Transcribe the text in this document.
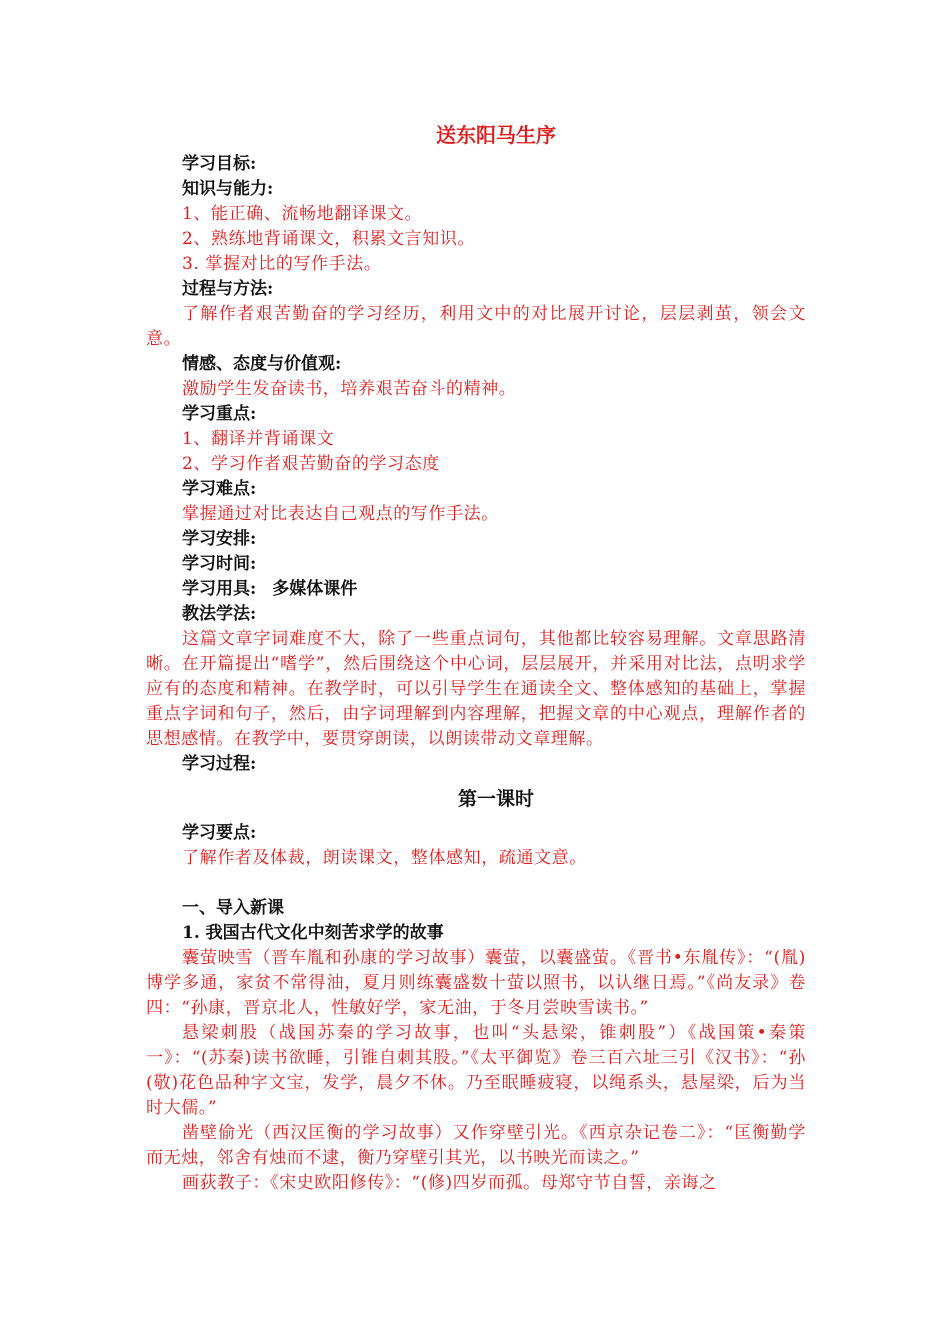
送东阳马生序
学习目标:
知识与能力:
1、能正确、流畅地翻译课文。
2、熟练地背诵课文，积累文言知识。
3. 掌握对比的写作手法。
过程与方法:
了解作者艰苦勤奋的学习经历，利用文中的对比展开讨论，层层剥茧，领会文意。
情感、态度与价值观:
激励学生发奋读书，培养艰苦奋斗的精神。
学习重点:
1、翻译并背诵课文
2、学习作者艰苦勤奋的学习态度
学习难点:
掌握通过对比表达自己观点的写作手法。
学习安排:
学习时间:
学习用具: 多媒体课件
教法学法:
这篇文章字词难度不大，除了一些重点词句，其他都比较容易理解。文章思路清晰。在开篇提出“嗜学”，然后围绕这个中心词，层层展开，并采用对比法，点明求学应有的态度和精神。在教学时，可以引导学生在通读全文、整体感知的基础上，掌握重点字词和句子，然后，由字词理解到内容理解，把握文章的中心观点，理解作者的思想感情。在教学中，要贯穿朗读，以朗读带动文章理解。
学习过程:
第一课时
学习要点:
了解作者及体裁，朗读课文，整体感知，疏通文意。
一、导入新课
1. 我国古代文化中刻苦求学的故事
囊萤映雪（晋车胤和孙康的学习故事）囊萤，以囊盛萤。《晋书•东胤传》：“(胤)博学多通，家贫不常得油，夏月则练囊盛数十萤以照书，以认继日焉。”《尚友录》卷四：“孙康，晋京北人，性敏好学，家无油，于冬月尝映雪读书。”
悬梁刺股（战国苏秦的学习故事，也叫“头悬梁，锥刺股”）《战国策•秦策一》：“(苏秦)读书欲睡，引锥自刺其股。”《太平御览》卷三百六址三引《汉书》：“孙(敬)花色品种字文宝，发学，晨夕不休。乃至眠睡疲寝，以绳系头，悬屋梁，后为当时大儒。”
凿壁偷光（西汉匡衡的学习故事）又作穿壁引光。《西京杂记卷二》：“匡衡勤学而无烛，邻舍有烛而不逮，衡乃穿壁引其光，以书映光而读之。”
画荻教子：《宋史欧阳修传》：“(修)四岁而孤。母郑守节自誓，亲诲之
